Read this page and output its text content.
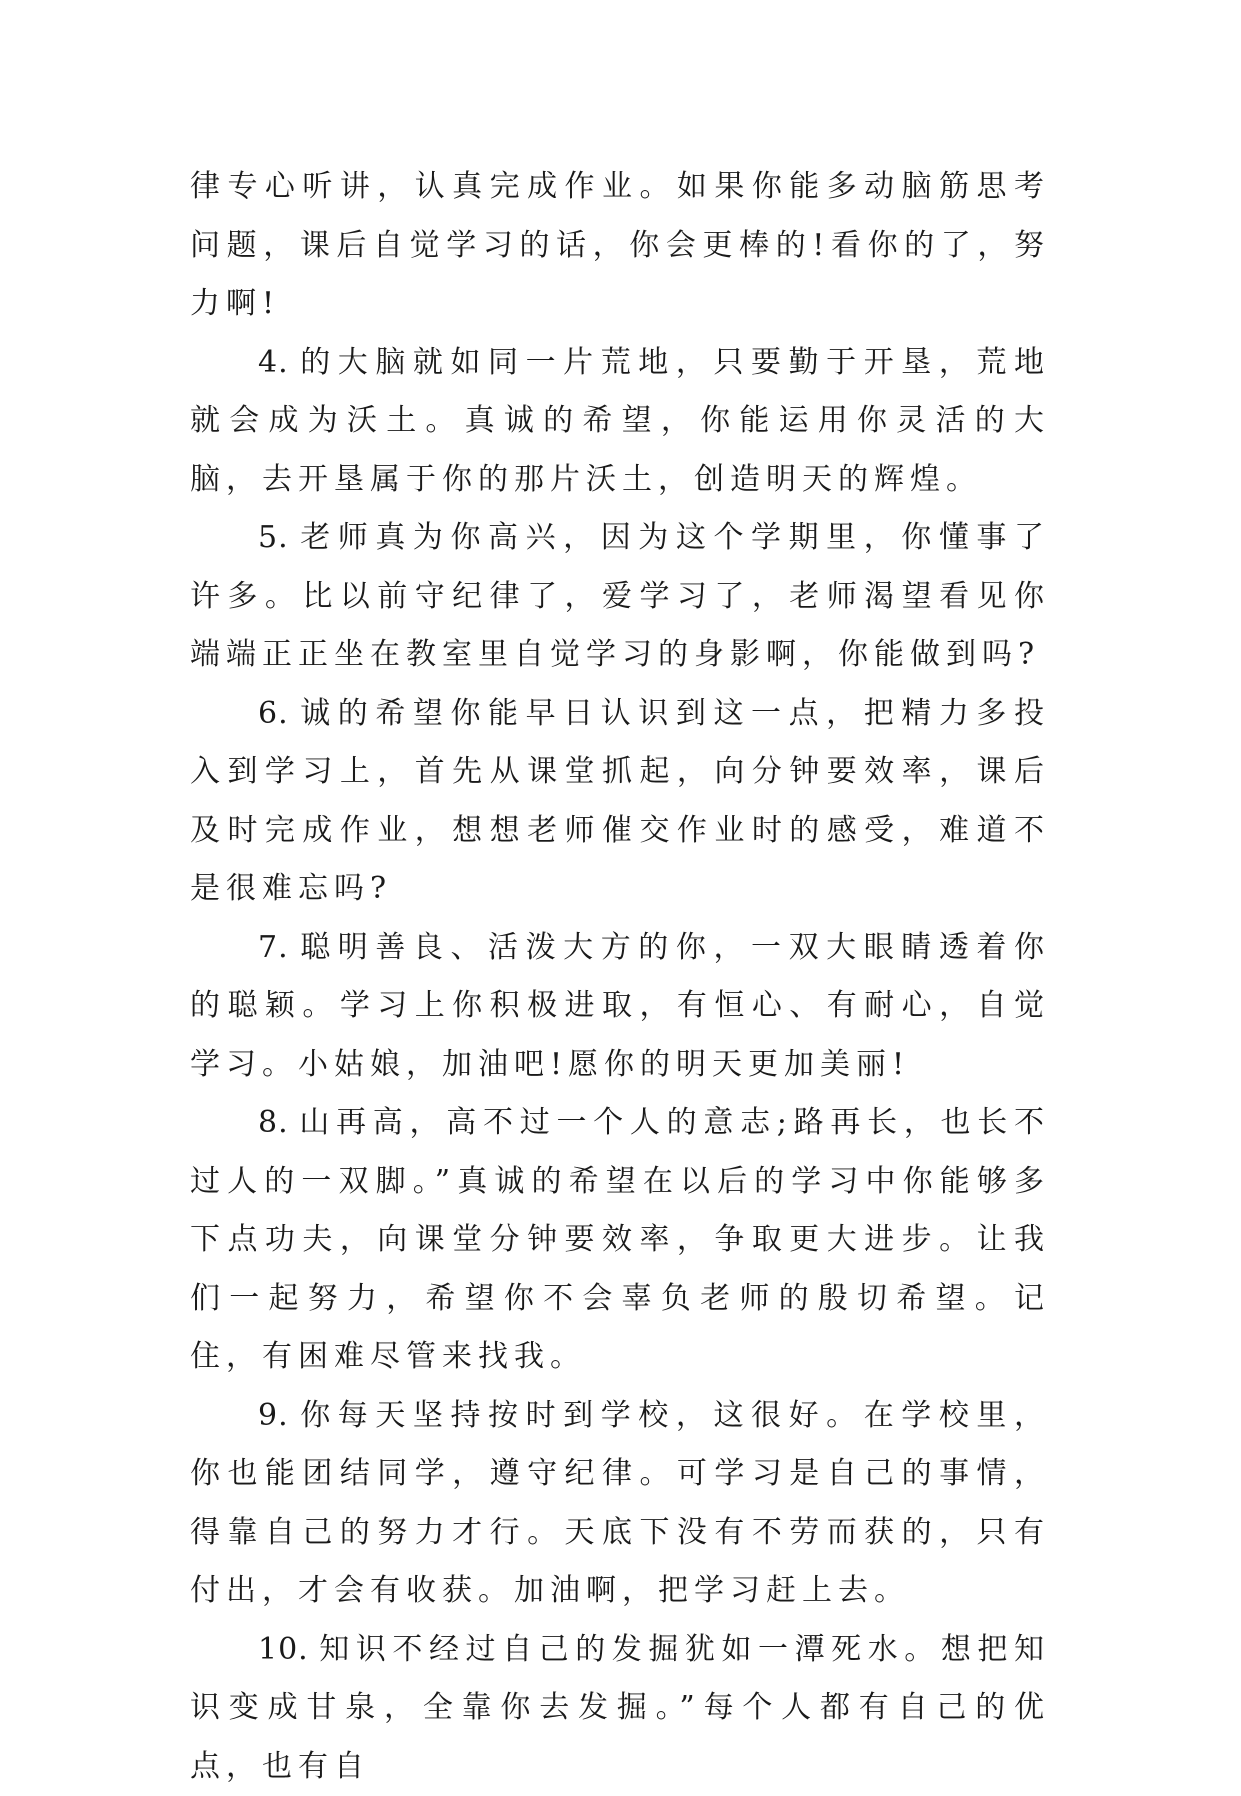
律专心听讲，认真完成作业。如果你能多动脑筋思考问题，课后自觉学习的话，你会更棒的!看你的了，努力啊!

4. 的大脑就如同一片荒地，只要勤于开垦，荒地就会成为沃土。真诚的希望，你能运用你灵活的大脑，去开垦属于你的那片沃土，创造明天的辉煌。

5. 老师真为你高兴，因为这个学期里，你懂事了许多。比以前守纪律了，爱学习了，老师渴望看见你端端正正坐在教室里自觉学习的身影啊，你能做到吗?

6. 诚的希望你能早日认识到这一点，把精力多投入到学习上，首先从课堂抓起，向分钟要效率，课后及时完成作业，想想老师催交作业时的感受，难道不是很难忘吗?

7. 聪明善良、活泼大方的你，一双大眼睛透着你的聪颖。学习上你积极进取，有恒心、有耐心，自觉学习。小姑娘，加油吧!愿你的明天更加美丽!

8. 山再高，高不过一个人的意志;路再长，也长不过人的一双脚。”真诚的希望在以后的学习中你能够多下点功夫，向课堂分钟要效率，争取更大进步。让我们一起努力，希望你不会辜负老师的殷切希望。记住，有困难尽管来找我。

9. 你每天坚持按时到学校，这很好。在学校里，你也能团结同学，遵守纪律。可学习是自己的事情，得靠自己的努力才行。天底下没有不劳而获的，只有付出，才会有收获。加油啊，把学习赶上去。

10. 知识不经过自己的发掘犹如一潭死水。想把知识变成甘泉，全靠你去发掘。”每个人都有自己的优点，也有自
